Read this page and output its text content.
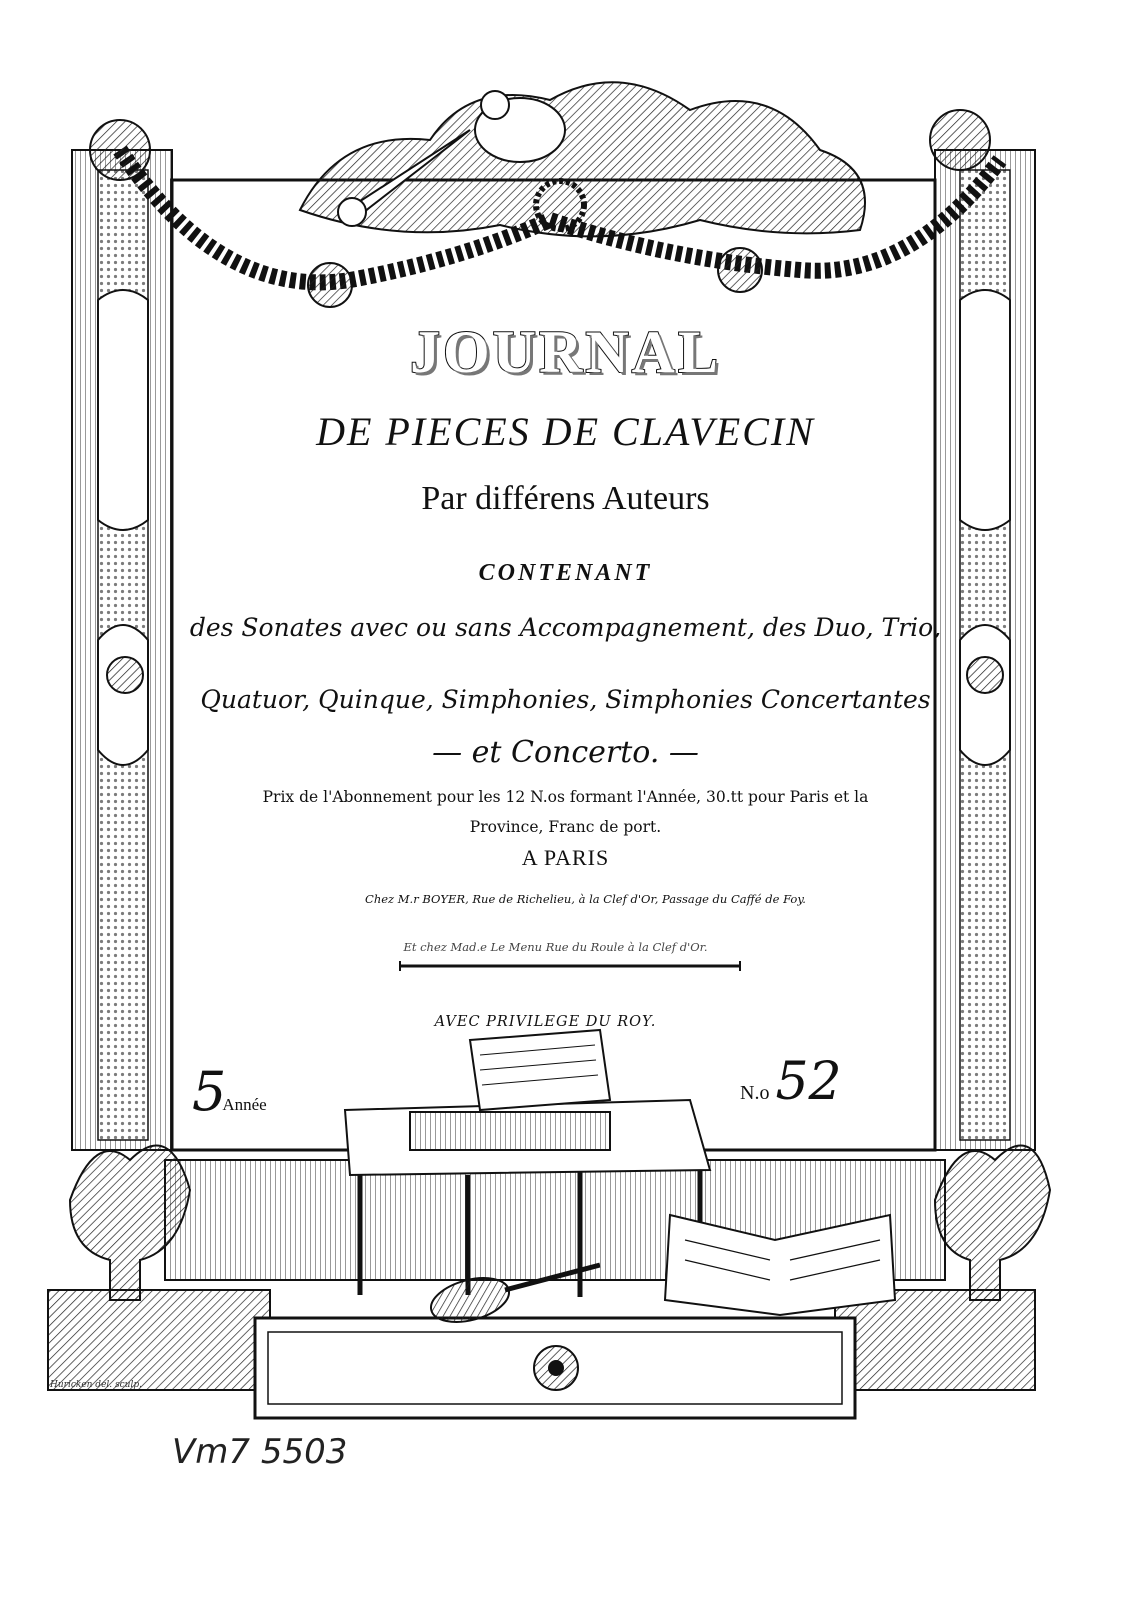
JOURNAL

DE PIECES DE CLAVECIN

Par différens Auteurs

CONTENANT

des Sonates avec ou sans Accompagnement, des Duo, Trio,

Quatuor, Quinque, Simphonies, Simphonies Concertantes

— et Concerto. —

Prix de l'Abonnement pour les 12 N.os formant l'Année, 30.tt pour Paris et la

Province, Franc de port.

A PARIS

Chez M.r BOYER, Rue de Richelieu, à la Clef d'Or, Passage du Caffé de Foy.

Et chez Mad.e Le Menu Rue du Roule à la Clef d'Or.

AVEC PRIVILEGE DU ROY.

5Année
N.o 52
Huricken del. sculp.
Vm7 5503
